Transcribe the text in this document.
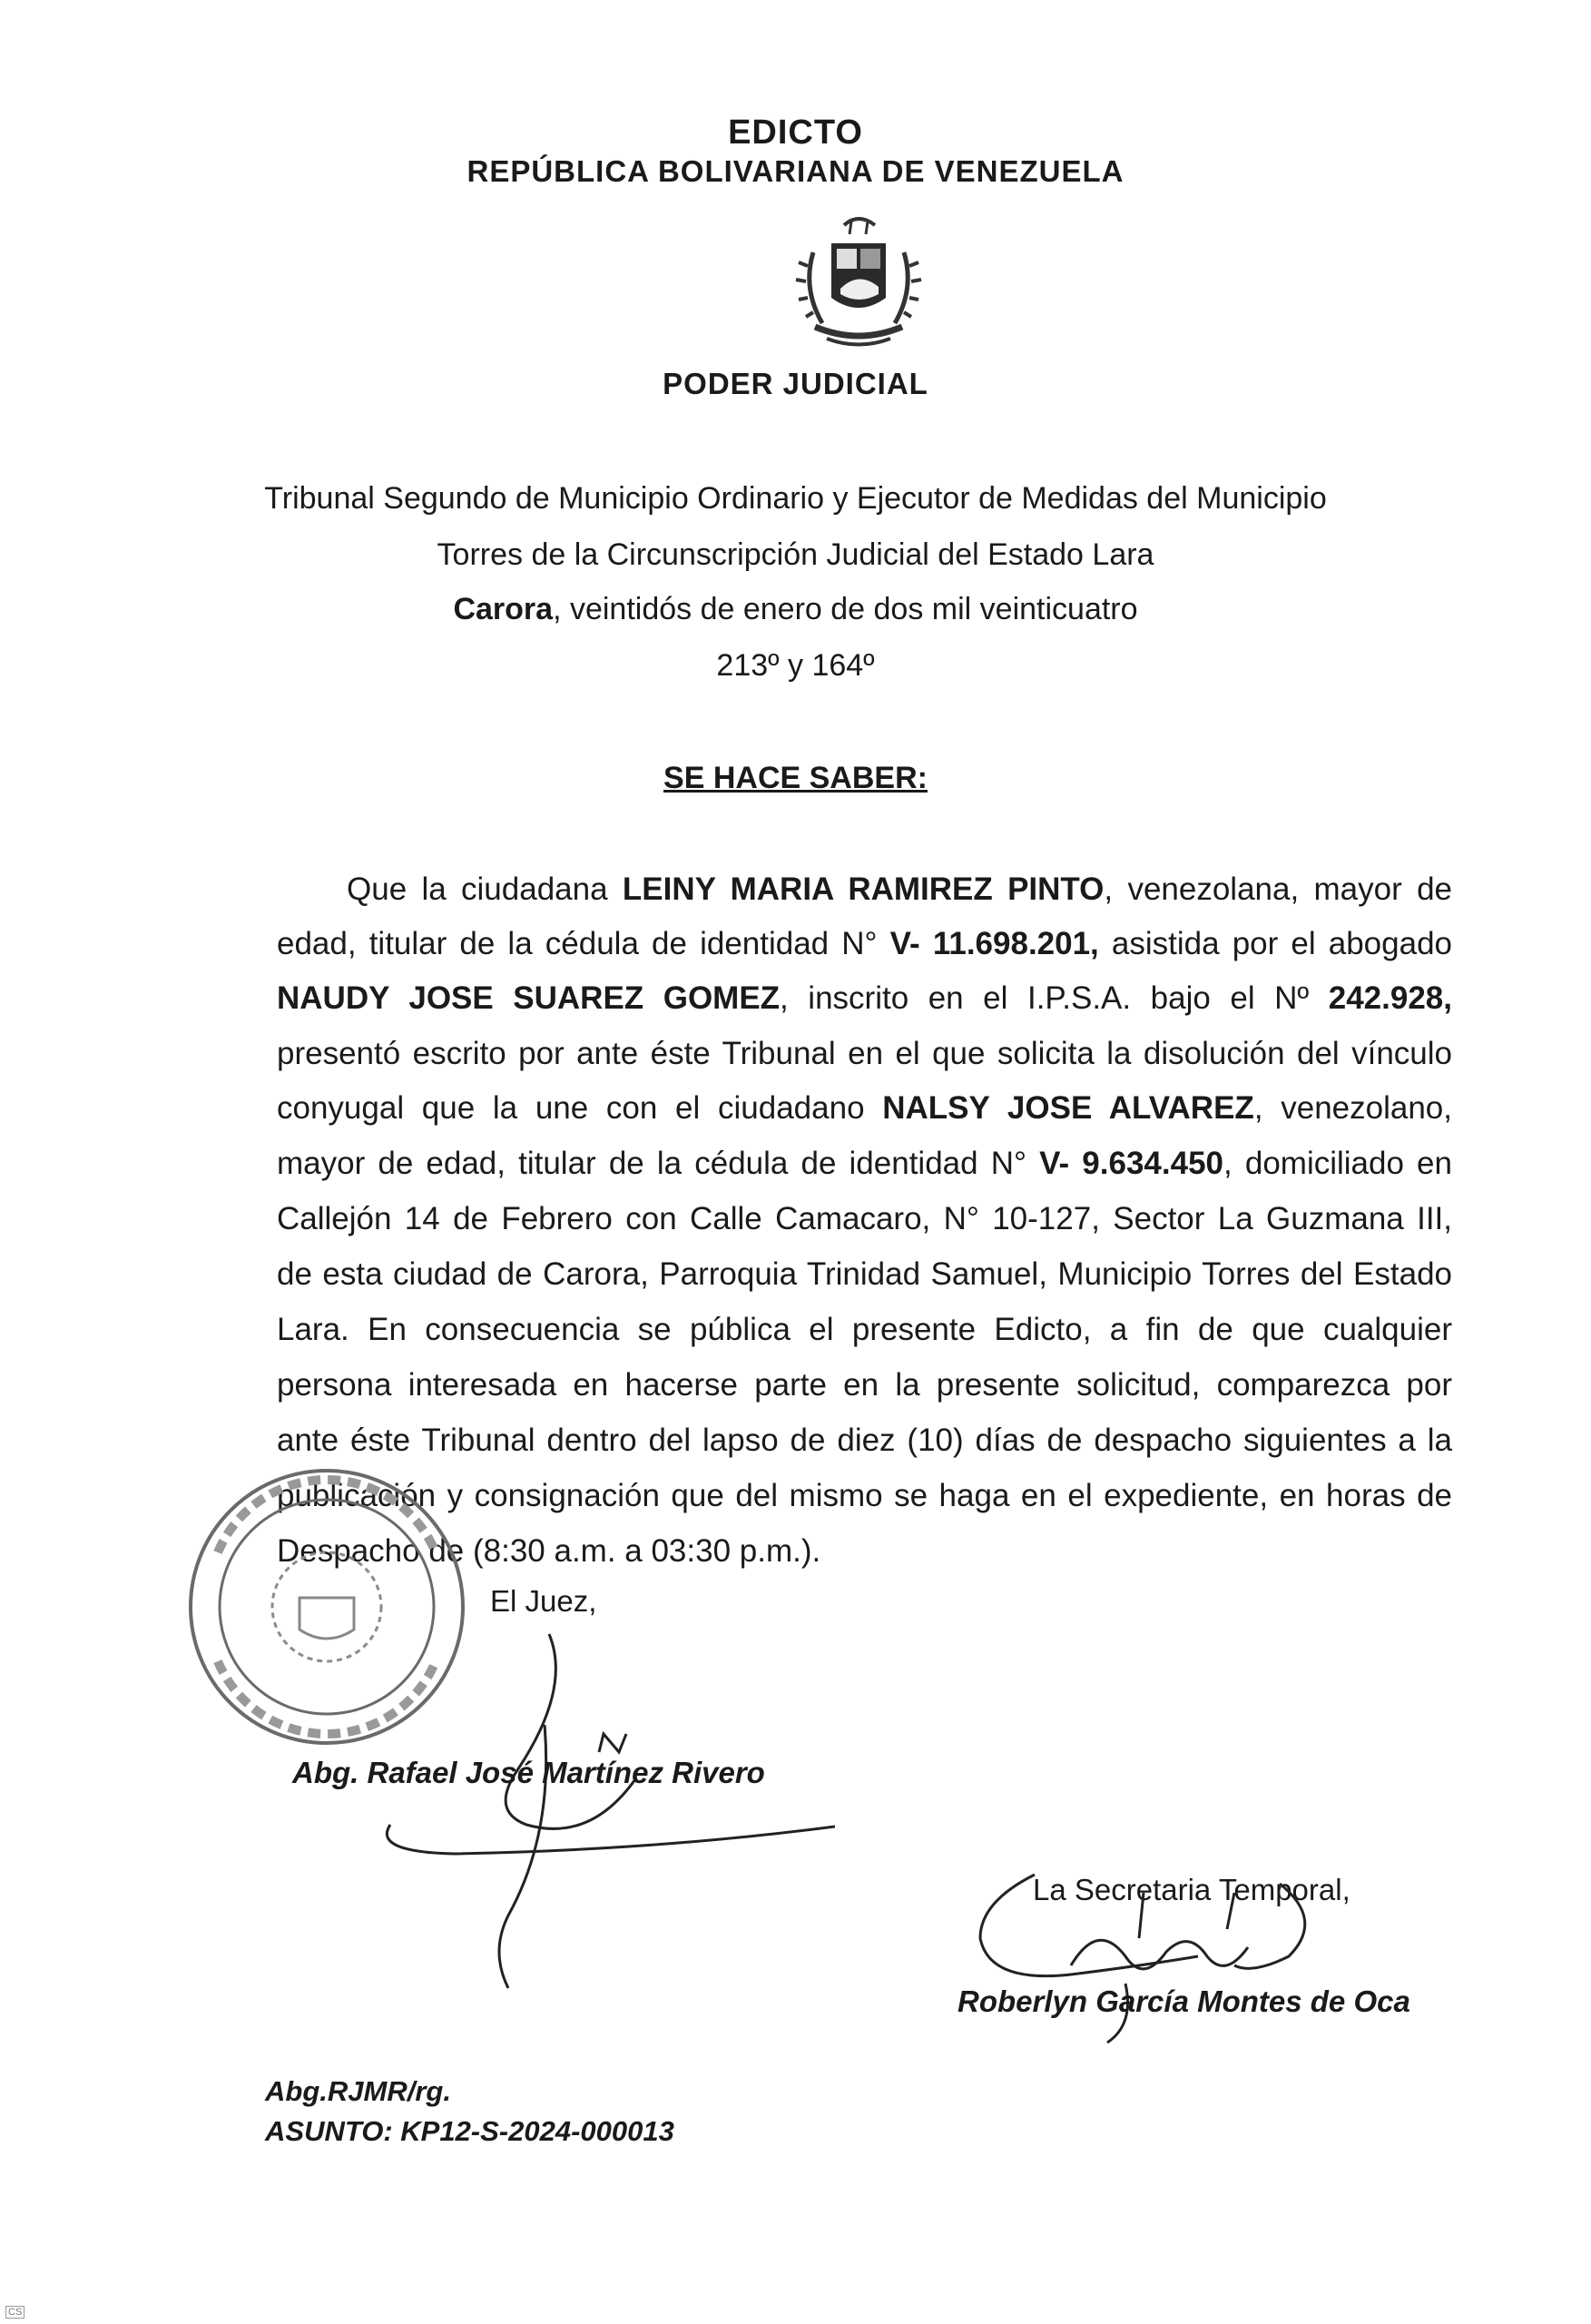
EDICTO
REPÚBLICA BOLIVARIANA DE VENEZUELA
PODER JUDICIAL
Tribunal Segundo de Municipio Ordinario y Ejecutor de Medidas del Municipio
Torres de la Circunscripción Judicial del Estado Lara
Carora, veintidós de enero de dos mil veinticuatro
213º y 164º
SE HACE SABER:
Que la ciudadana LEINY MARIA RAMIREZ PINTO, venezolana, mayor de
edad, titular de la cédula de identidad N° V- 11.698.201, asistida por el abogado
NAUDY JOSE SUAREZ GOMEZ, inscrito en el I.P.S.A. bajo el Nº 242.928,
presentó escrito por ante éste Tribunal en el que solicita la disolución del vínculo
conyugal que la une con el ciudadano NALSY JOSE ALVAREZ, venezolano,
mayor de edad, titular de la cédula de identidad N° V- 9.634.450, domiciliado en
Callejón 14 de Febrero con Calle Camacaro, N° 10-127, Sector La Guzmana III,
de esta ciudad de Carora, Parroquia Trinidad Samuel, Municipio Torres del Estado
Lara. En consecuencia se pública el presente Edicto, a fin de que cualquier
persona interesada en hacerse parte en la presente solicitud, comparezca por
ante éste Tribunal dentro del lapso de diez (10) días de despacho siguientes a la
publicación y consignación que del mismo se haga en el expediente, en horas de
Despacho de (8:30 a.m. a 03:30 p.m.).
El Juez,
Abg. Rafael José Martínez Rivero
La Secretaria Temporal,
Roberlyn García Montes de Oca
Abg.RJMR/rg.
ASUNTO: KP12-S-2024-000013
CS
